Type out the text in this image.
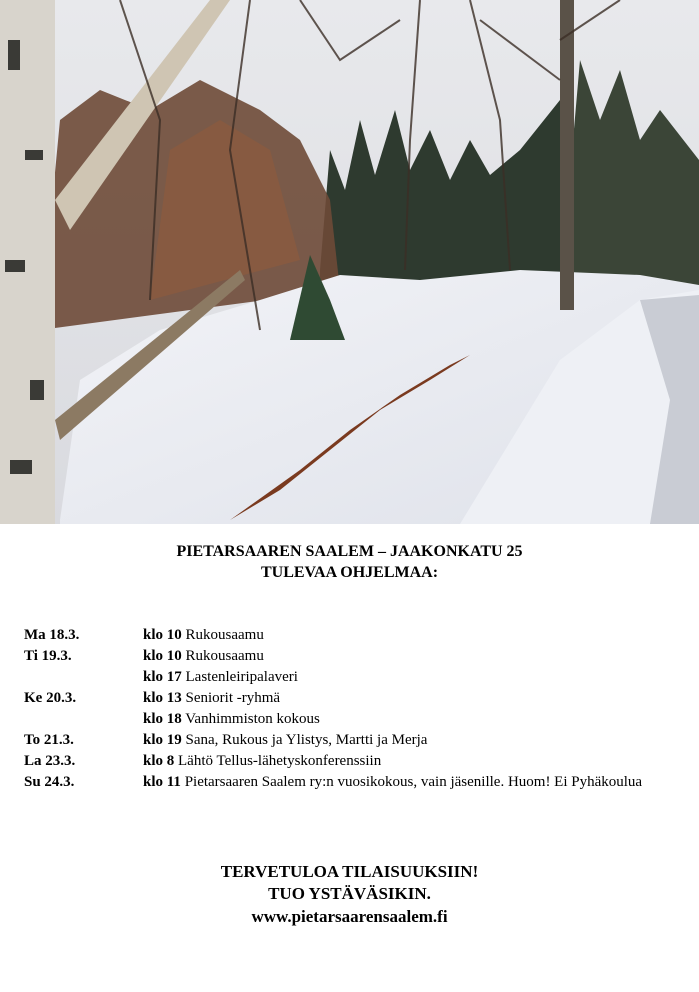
PIETARSAAREN SAALEM – JAAKONKATU 25
TULEVAA OHJELMAA:
Ma 18.3.	klo 10 Rukousaamu
Ti 19.3.	klo 10 Rukousaamu
klo 17 Lastenleiripalaveri
Ke 20.3.	klo 13 Seniorit -ryhmä
klo 18 Vanhimmiston kokous
To 21.3.	klo 19 Sana, Rukous ja Ylistys, Martti ja Merja
La 23.3.	klo 8 Lähtö Tellus-lähetyskonferenssiin
Su 24.3.	klo 11 Pietarsaaren Saalem ry:n vuosikokous, vain jäsenille. Huom! Ei Pyhäkoulua
TERVETULOA TILAISUUKSIIN!
TUO YSTÄVÄSIKIN.
www.pietarsaarensaalem.fi
